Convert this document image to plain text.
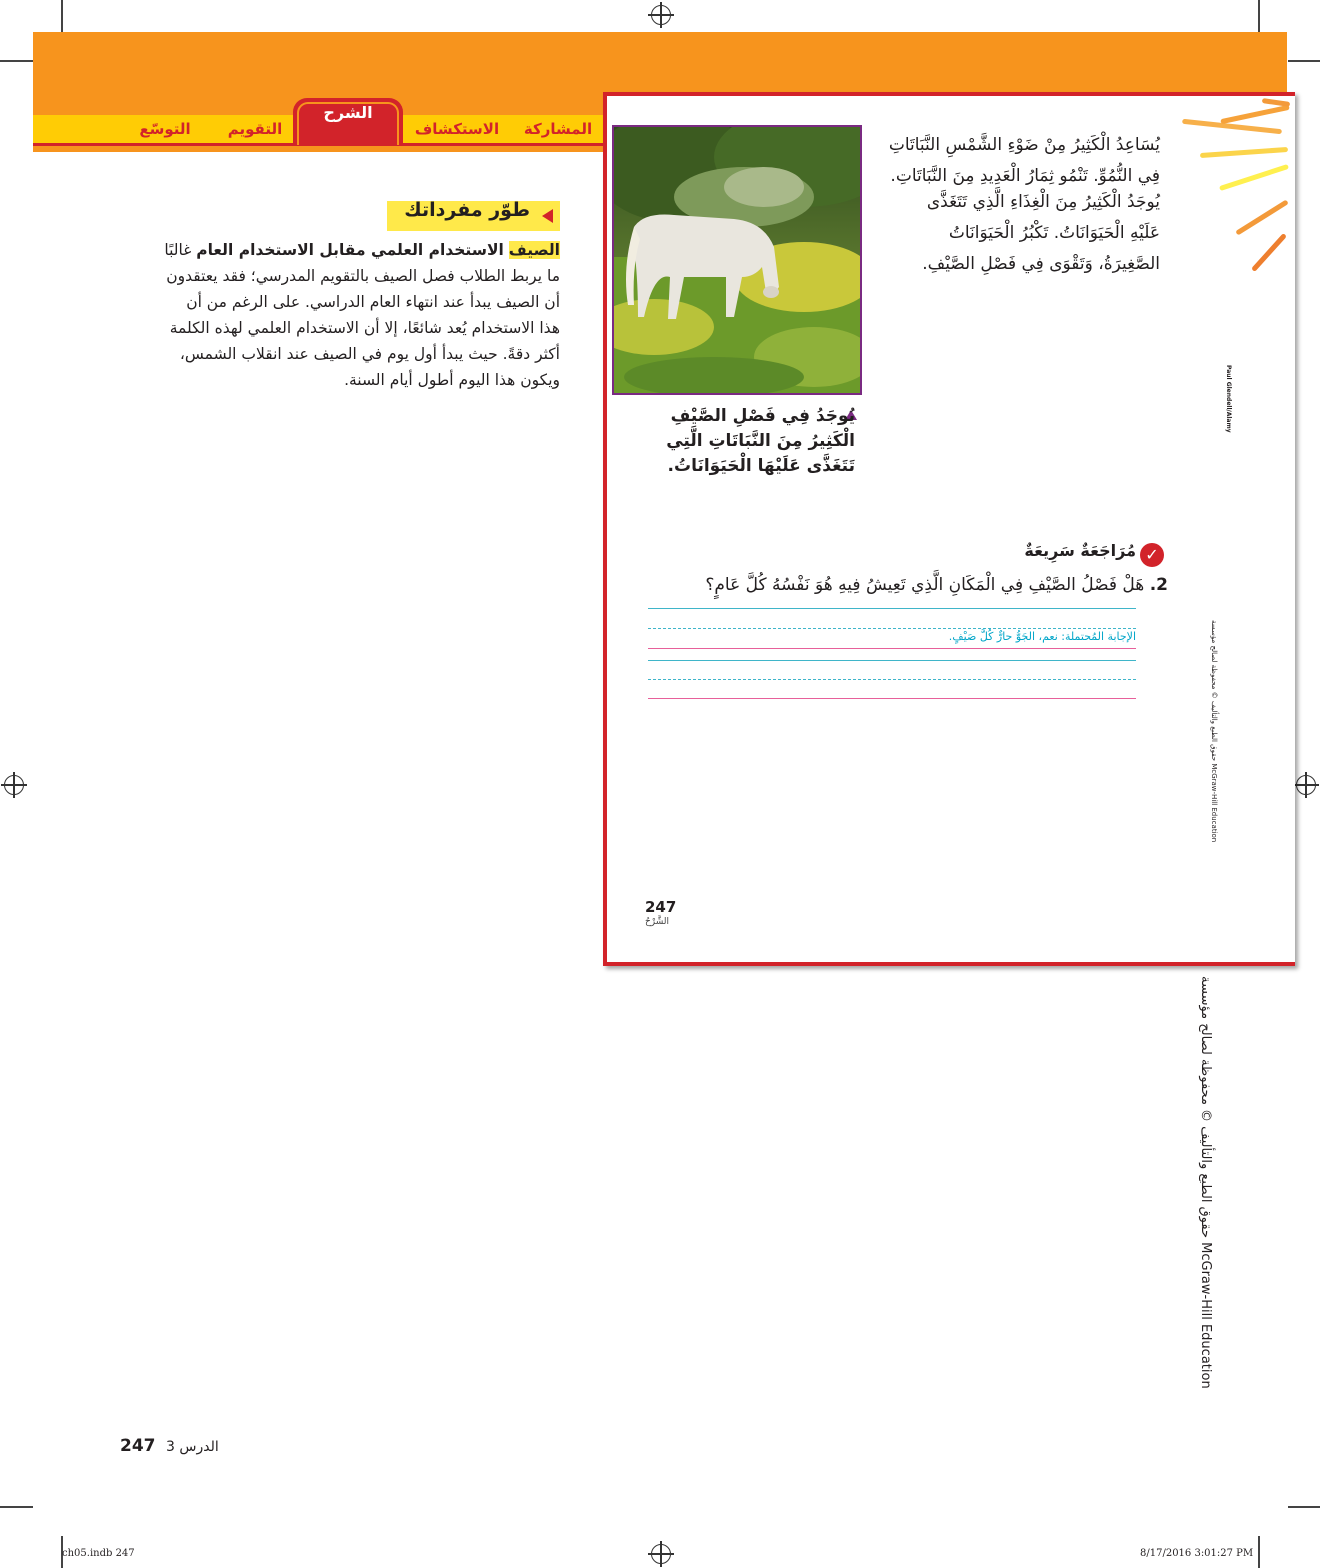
المشاركة
الاستكشاف
الشرح
التقويم
التوسّع
يُسَاعِدُ الْكَثِيرُ مِنْ ضَوْءِ الشَّمْسِ النَّبَاتَاتِ
فِي النُّمُوِّ. تَنْمُو ثِمَارُ الْعَدِيدِ مِنَ النَّبَاتَاتِ.
يُوجَدُ الْكَثِيرُ مِنَ الْغِذَاءِ الَّذِي تَتَغَذَّى
عَلَيْهِ الْحَيَوَانَاتُ. تَكْبُرُ الْحَيَوَانَاتُ
الصَّغِيرَةُ، وَتَقْوَى فِي فَصْلِ الصَّيْفِ.
Paul Glendell/Alamy
يُوجَدُ فِي فَصْلِ الصَّيْفِ
الْكَثِيرُ مِنَ النَّبَاتَاتِ الَّتِي
تَتَغَذَّى عَلَيْهَا الْحَيَوَانَاتُ.
✓
مُرَاجَعَةٌ سَرِيعَةٌ
2. هَلْ فَصْلُ الصَّيْفِ فِي الْمَكَانِ الَّذِي تَعِيشُ فِيهِ هُوَ نَفْسُهُ كُلَّ عَامٍ؟
الإجابة المُحتملة: نعم، الجَوُّ حارٌّ كُلَّ صَيْفٍ.
247
الشَّرْحُ
حقوق الطبع والتأليف © محفوظة لصالح مؤسسة McGraw-Hill Education
حقوق الطبع والتأليف © محفوظة لصالح مؤسسة McGraw-Hill Education
طوّر مفرداتك
الصيف الاستخدام العلمي مقابل الاستخدام العام غالبًا
ما يربط الطلاب فصل الصيف بالتقويم المدرسي؛ فقد يعتقدون
أن الصيف يبدأ عند انتهاء العام الدراسي. على الرغم من أن
هذا الاستخدام يُعد شائعًا، إلا أن الاستخدام العلمي لهذه الكلمة
أكثر دقةً. حيث يبدأ أول يوم في الصيف عند انقلاب الشمس،
ويكون هذا اليوم أطول أيام السنة.
247 3 الدرس
ch05.indb 247	8/17/2016 3:01:27 PM
